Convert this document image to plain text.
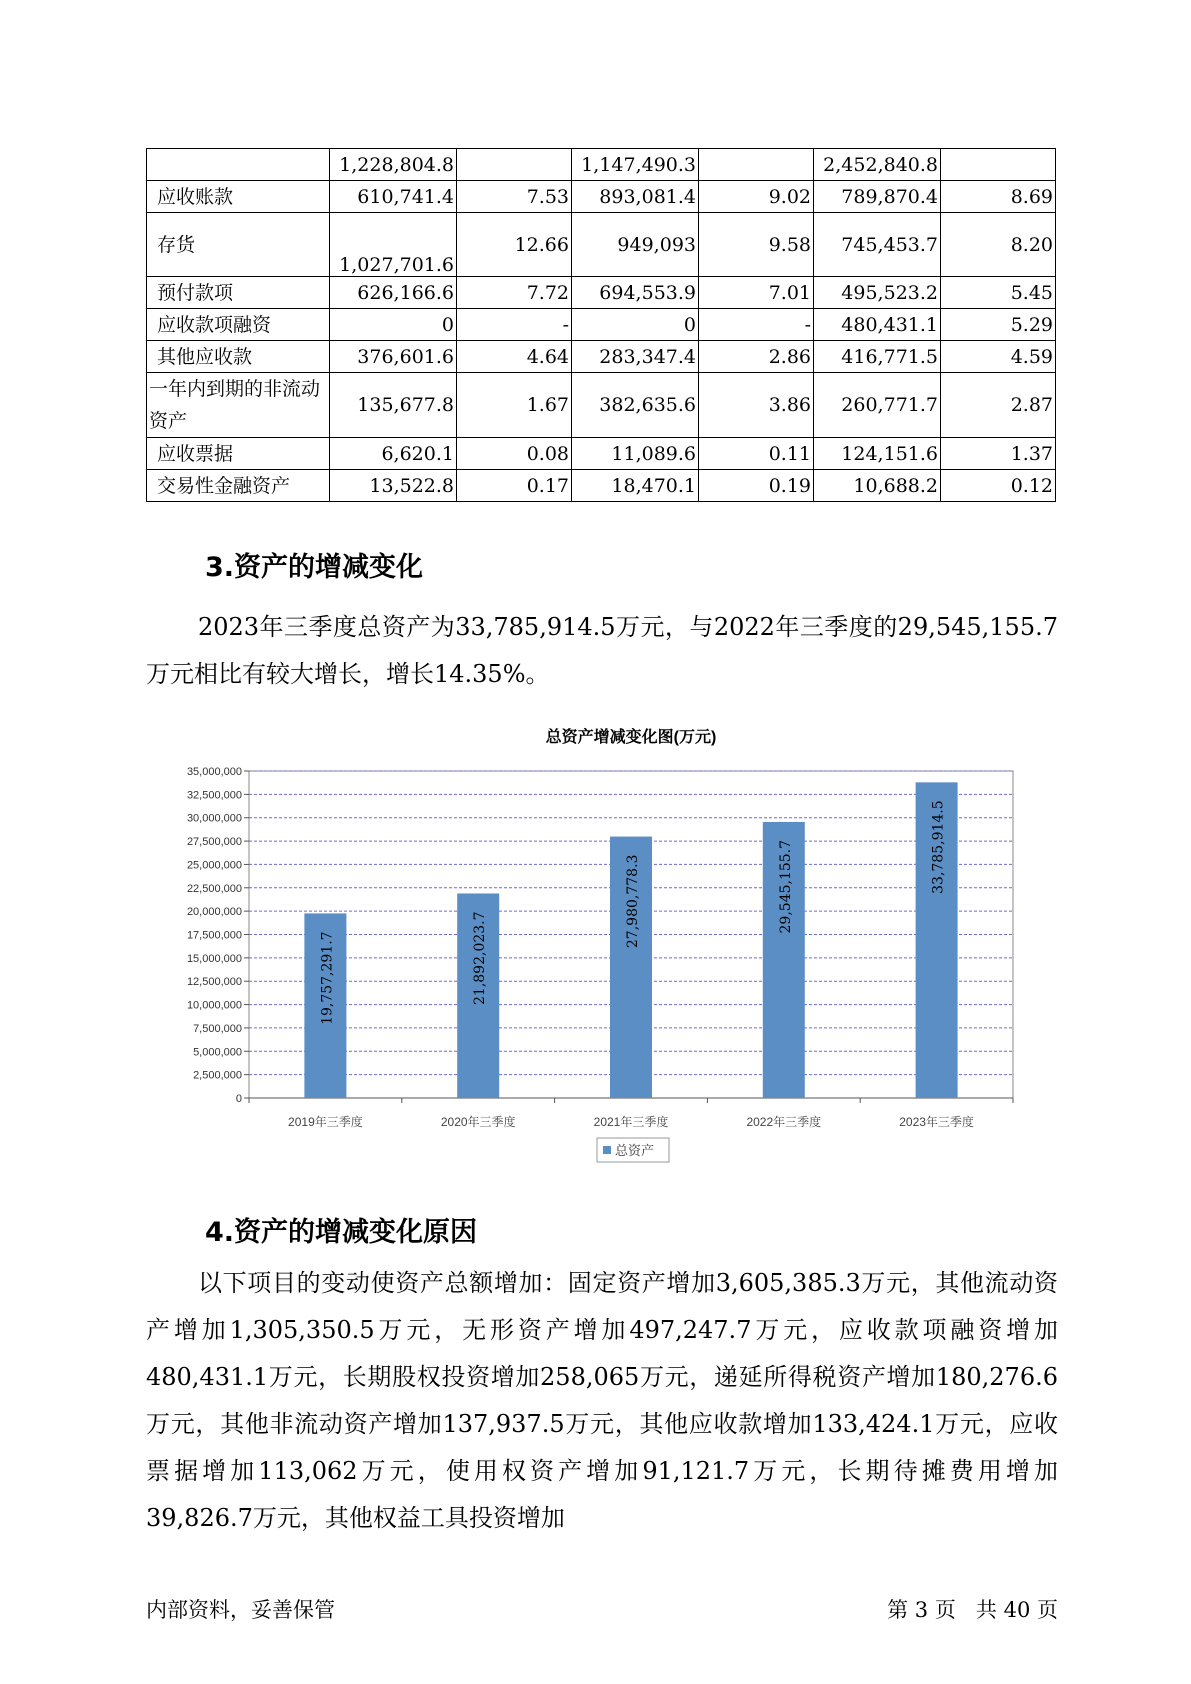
	1,228,804.8		1,147,490.3		2,452,840.8	
应收账款	610,741.4	7.53	893,081.4	9.02	789,870.4	8.69
存货	1,027,701.6	12.66	949,093	9.58	745,453.7	8.20
预付款项	626,166.6	7.72	694,553.9	7.01	495,523.2	5.45
应收款项融资	0	-	0	-	480,431.1	5.29
其他应收款	376,601.6	4.64	283,347.4	2.86	416,771.5	4.59
一年内到期的非流动资产	135,677.8	1.67	382,635.6	3.86	260,771.7	2.87
应收票据	6,620.1	0.08	11,089.6	0.11	124,151.6	1.37
交易性金融资产	13,522.8	0.17	18,470.1	0.19	10,688.2	0.12
3.资产的增减变化

2023年三季度总资产为33,785,914.5万元，与2022年三季度的29,545,155.7万元相比有较大增长，增长14.35%。

总资产增减变化图(万元)
0
2,500,000
5,000,000
7,500,000
10,000,000
12,500,000
15,000,000
17,500,000
20,000,000
22,500,000
25,000,000
27,500,000
30,000,000
32,500,000
35,000,000
19,757,291.7
2019年三季度
21,892,023.7
2020年三季度
27,980,778.3
2021年三季度
29,545,155.7
2022年三季度
33,785,914.5
2023年三季度
总资产
4.资产的增减变化原因

以下项目的变动使资产总额增加：固定资产增加3,605,385.3万元，其他流动资产增加1,305,350.5万元，无形资产增加497,247.7万元，应收款项融资增加480,431.1万元，长期股权投资增加258,065万元，递延所得税资产增加180,276.6万元，其他非流动资产增加137,937.5万元，其他应收款增加133,424.1万元，应收票据增加113,062万元，使用权资产增加91,121.7万元，长期待摊费用增加39,826.7万元，其他权益工具投资增加

内部资料，妥善保管	第 3 页 共 40 页
